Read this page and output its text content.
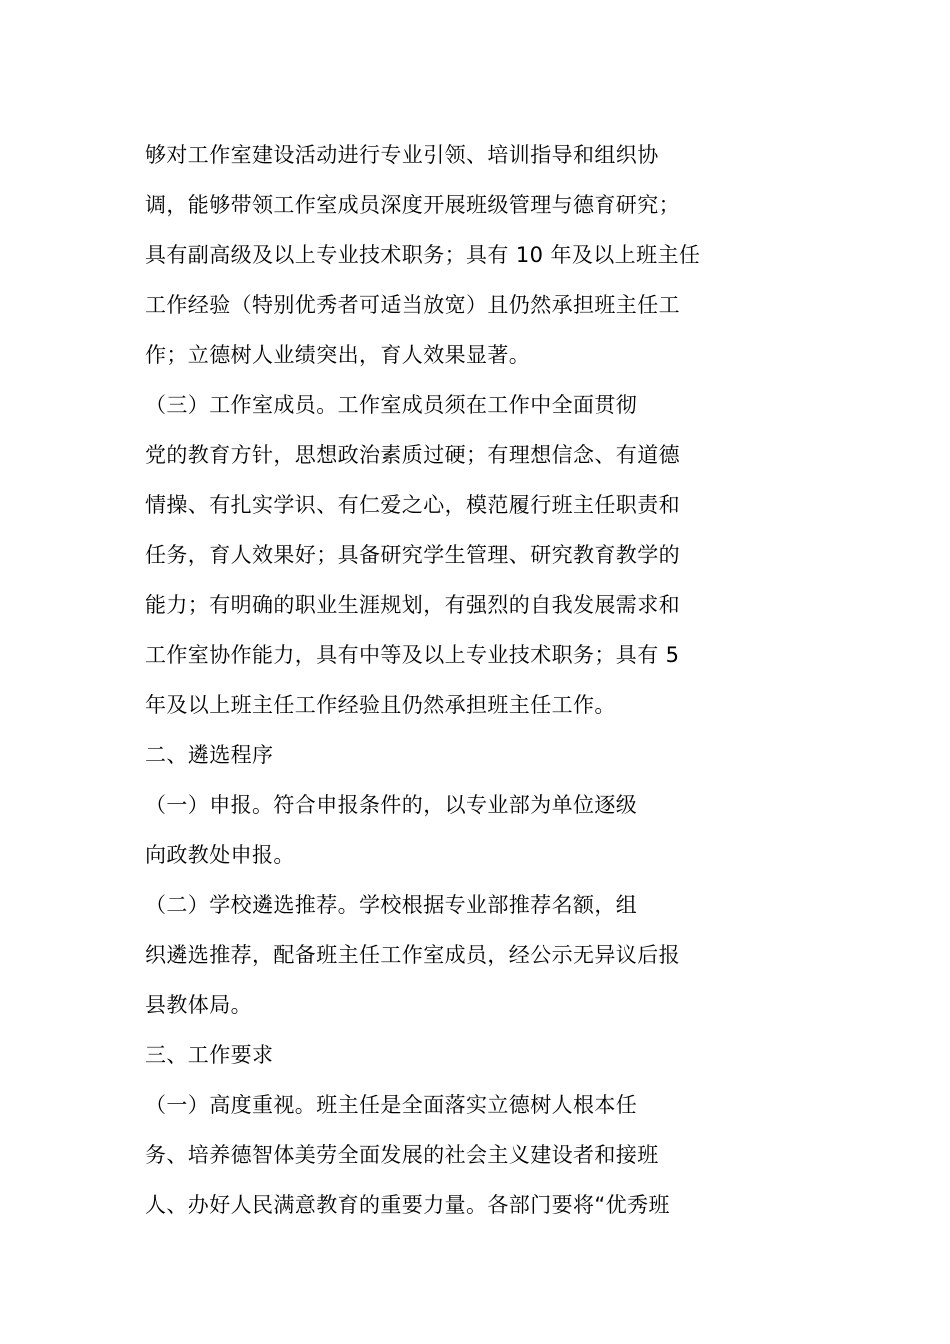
够对工作室建设活动进行专业引领、培训指导和组织协
调，能够带领工作室成员深度开展班级管理与德育研究；
具有副高级及以上专业技术职务；具有 10 年及以上班主任
工作经验（特别优秀者可适当放宽）且仍然承担班主任工
作；立德树人业绩突出，育人效果显著。
（三）工作室成员。工作室成员须在工作中全面贯彻
党的教育方针，思想政治素质过硬；有理想信念、有道德
情操、有扎实学识、有仁爱之心，模范履行班主任职责和
任务，育人效果好；具备研究学生管理、研究教育教学的
能力；有明确的职业生涯规划，有强烈的自我发展需求和
工作室协作能力，具有中等及以上专业技术职务；具有 5
年及以上班主任工作经验且仍然承担班主任工作。
二、遴选程序
（一）申报。符合申报条件的，以专业部为单位逐级
向政教处申报。
（二）学校遴选推荐。学校根据专业部推荐名额，组
织遴选推荐，配备班主任工作室成员，经公示无异议后报
县教体局。
三、工作要求
（一）高度重视。班主任是全面落实立德树人根本任
务、培养德智体美劳全面发展的社会主义建设者和接班
人、办好人民满意教育的重要力量。各部门要将“优秀班
